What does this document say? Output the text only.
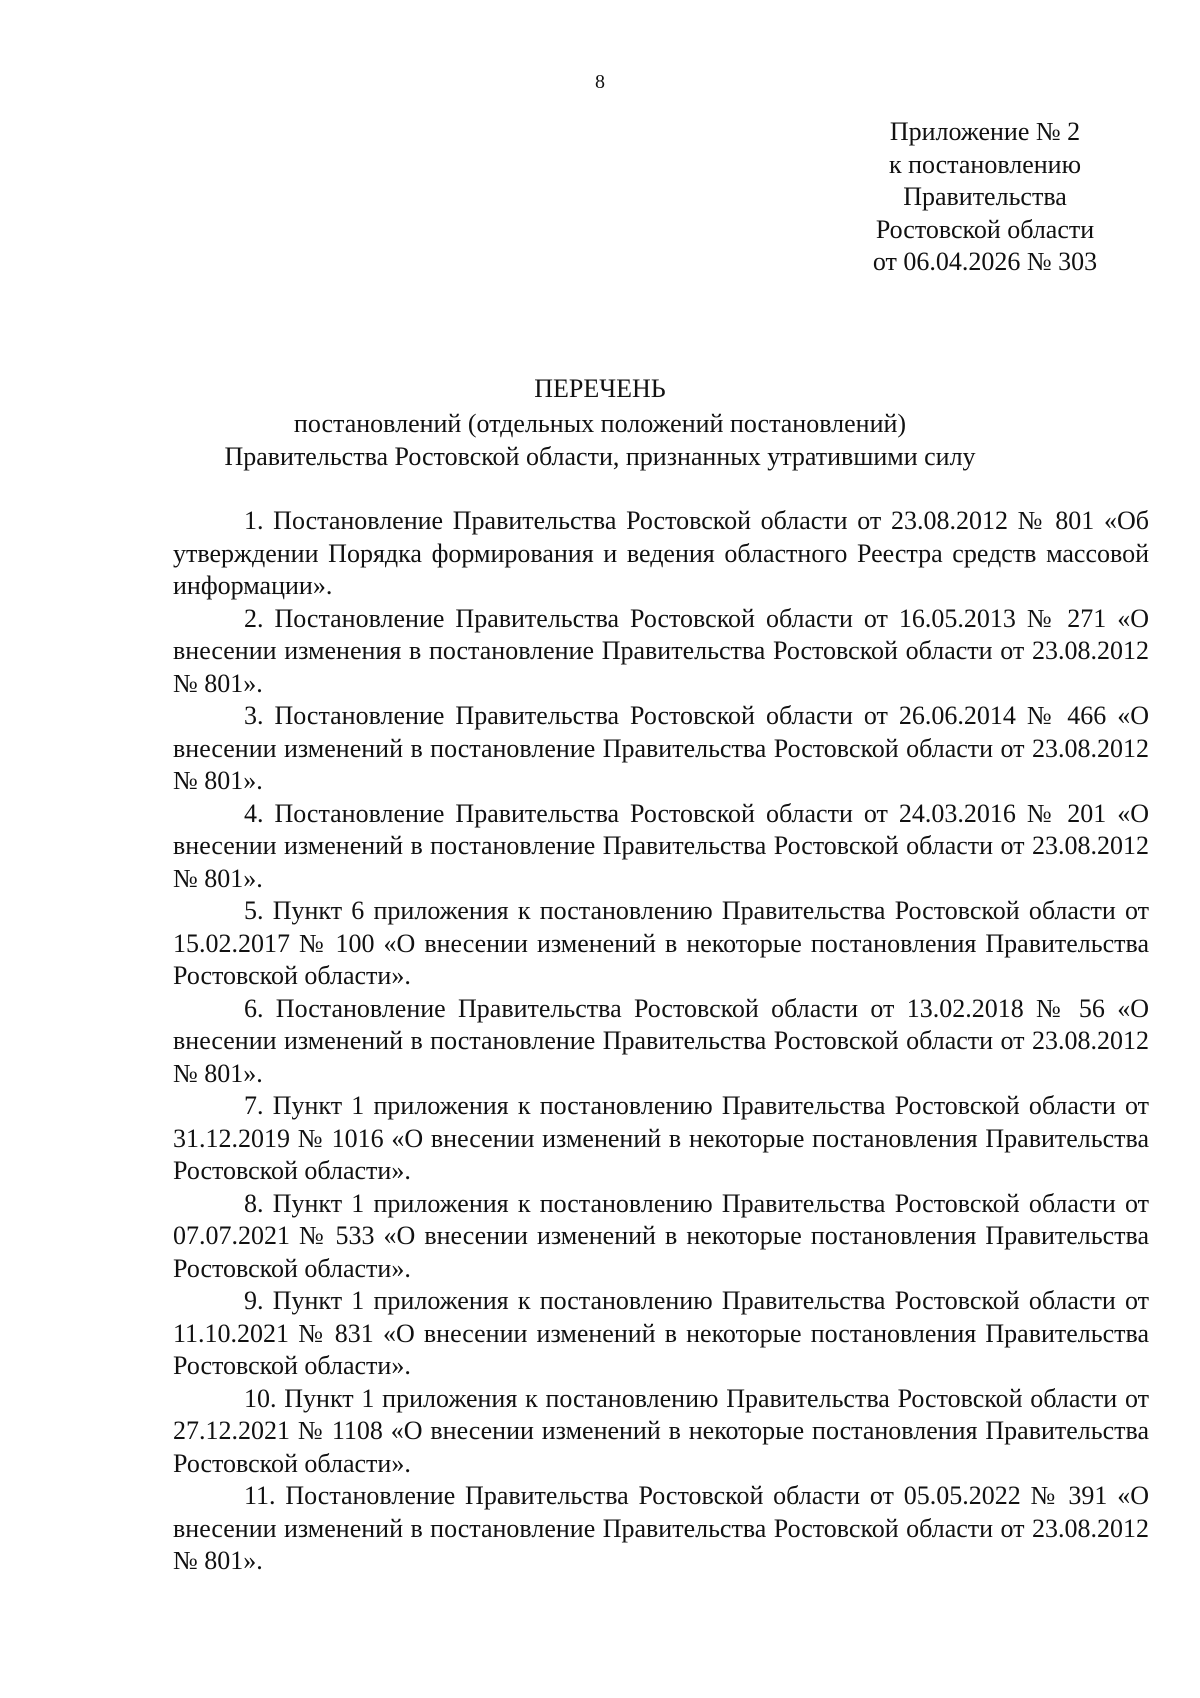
8
Приложение № 2
к постановлению
Правительства
Ростовской области
от 06.04.2026 № 303
ПЕРЕЧЕНЬ
постановлений (отдельных положений постановлений)
Правительства Ростовской области, признанных утратившими силу

1. Постановление Правительства Ростовской области от 23.08.2012 № 801 «Об утверждении Порядка формирования и ведения областного Реестра средств массовой информации».

2. Постановление Правительства Ростовской области от 16.05.2013 № 271 «О внесении изменения в постановление Правительства Ростовской области от 23.08.2012 № 801».

3. Постановление Правительства Ростовской области от 26.06.2014 № 466 «О внесении изменений в постановление Правительства Ростовской области от 23.08.2012 № 801».

4. Постановление Правительства Ростовской области от 24.03.2016 № 201 «О внесении изменений в постановление Правительства Ростовской области от 23.08.2012 № 801».

5. Пункт 6 приложения к постановлению Правительства Ростовской области от 15.02.2017 № 100 «О внесении изменений в некоторые постановления Правительства Ростовской области».

6. Постановление Правительства Ростовской области от 13.02.2018 № 56 «О внесении изменений в постановление Правительства Ростовской области от 23.08.2012 № 801».

7. Пункт 1 приложения к постановлению Правительства Ростовской области от 31.12.2019 № 1016 «О внесении изменений в некоторые постановления Правительства Ростовской области».

8. Пункт 1 приложения к постановлению Правительства Ростовской области от 07.07.2021 № 533 «О внесении изменений в некоторые постановления Правительства Ростовской области».

9. Пункт 1 приложения к постановлению Правительства Ростовской области от 11.10.2021 № 831 «О внесении изменений в некоторые постановления Правительства Ростовской области».

10. Пункт 1 приложения к постановлению Правительства Ростовской области от 27.12.2021 № 1108 «О внесении изменений в некоторые постановления Правительства Ростовской области».

11. Постановление Правительства Ростовской области от 05.05.2022 № 391 «О внесении изменений в постановление Правительства Ростовской области от 23.08.2012 № 801».
